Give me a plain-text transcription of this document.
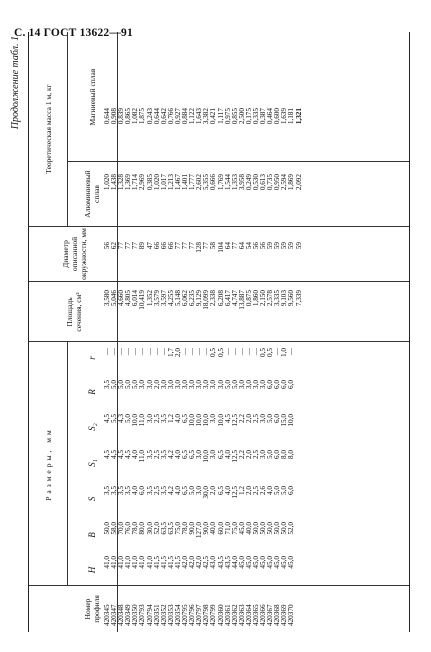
С. 14 ГОСТ 13622—91
Продолжение табл. 1
Номер профиля
Размеры, мм
H
B
S
S₁
S₂
R
r
Площадь сечения, см²
Диаметр описанной окружности, мм
Теоретическая масса 1 м, кг
Алюминиевый сплав
Магниевый сплав
420345 420347 420348 420349 420350 420793 420794 420351 420352 420353 420354 420795 420796 420797 420798 420799 420360 420361 420362 420363 420364 420365 420366 420367 420368 420369 420370
41,0 41,0 41,0 41,0 41,0 41,0 41,0 41,5 41,5 41,5 41,5 42,0 42,0 42,0 42,5 43,0 43,5 43,5 44,0 45,0 45,0 45,0 45,0 45,0 45,0 45,0 45,0
50,0 58,0 70,0 76,0 78,0 80,0 30,0 52,0 63,5 63,5 75,0 78,0 90,0 127,0 90,0 40,0 60,0 71,0 75,0 45,0 40,0 50,0 50,0 50,0 50,0 50,0 52,0
3,5 3,5 3,5 3,5 4,0 6,0 3,5 2,5 3,5 4,2 4,0 6,5 5,0 3,0 30,0 2,0 6,5 4,0 12,5 1,2 2,0 2,5 2,6 4,0 5,0 5,0 6,0
4,5 4,5 4,5 4,5 4,0 11,0 3,5 2,5 3,5 4,2 4,0 6,5 6,5 3,0 10,0 3,0 6,5 4,0 12,5 2,2 2,0 2,5 3,0 5,0 6,0 8,0 8,0
4,5 5,5 4,3 5,0 10,0 11,0 3,0 2,5 3,5 1,2 4,0 6,5 10,0 10,0 10,0 3,0 10,0 4,5 12,5 2,2 2,0 2,5 3,0 5,0 6,0 15,0 10,0
3,5 5,0 5,0 5,0 5,0 3,0 3,0 2,0 3,0 3,0 3,0 3,0 3,0 3,0 3,0 3,0 3,0 5,0 5,0 3,0 3,0 3,0 3,0 6,0 6,0 6,0 6,0
— — — — — — — — — 1,7 2,0 — — — — 0,5 0,5 — — — — — 0,5 0,5 — 1,0 —
3,580 5,046 4,660 4,805 6,014 10,419 1,352 3,579 3,597 4,255 5,148 6,062 6,235 9,129 18,099 2,338 6,208 6,417 4,747 13,887 0,875 1,860 2,150 2,578 3,335 9,103 9,560 7,339
56 62 77 77 77 89 47 66 66 66 77 77 77 128 77 58 104 64 77 64 54 56 56 59 59 59 59 59
1,020 1,438 1,328 1,369 1,714 2,969 0,385 1,020 1,017 1,213 1,467 1,401 1,777 2,602 5,355 0,666 1,769 1,544 1,353 3,958 0,249 0,530 0,613 0,735 0,950 2,594 1,869 2,092
0,644 0,908 0,839 0,865 1,082 1,875 0,243 0,644 0,642 0,766 0,927 0,884 1,122 1,643 3,382 0,421 1,117 0,975 0,855 2,500 0,175 0,335 0,387 0,464 0,600 1,639 1,181 1,321
